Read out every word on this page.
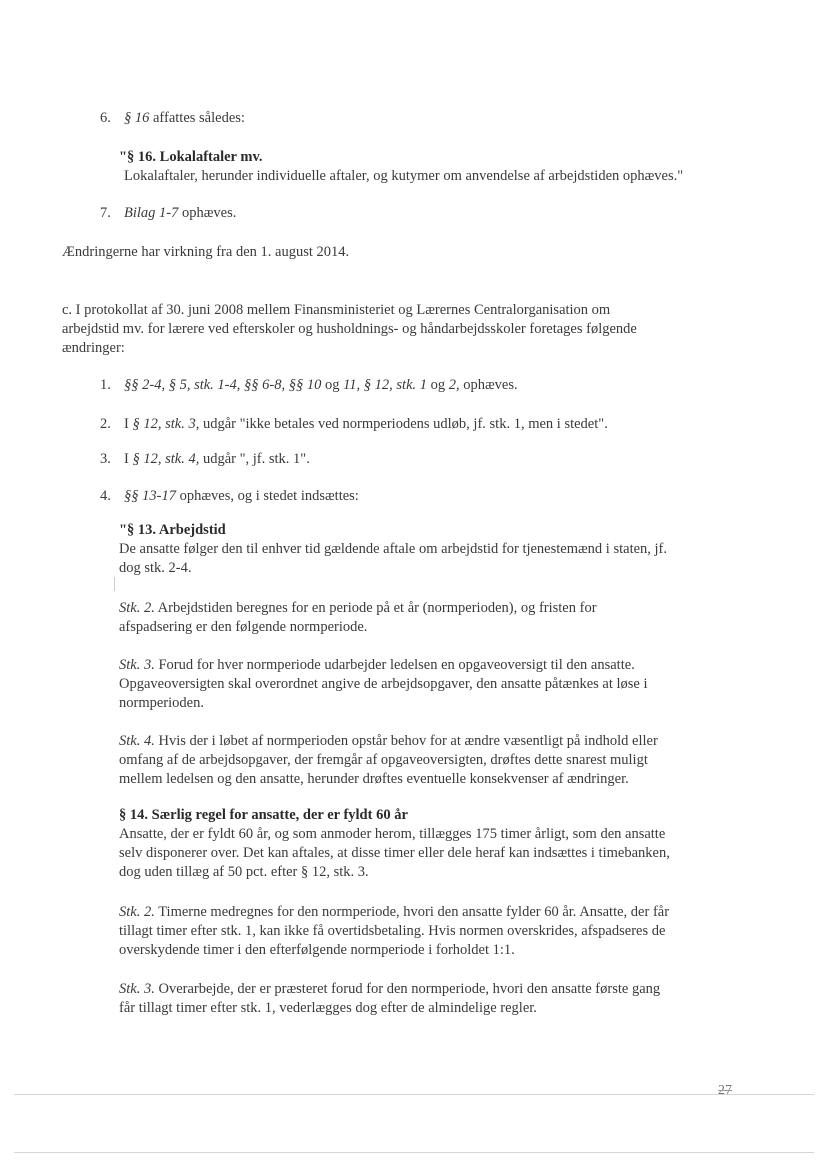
6. § 16 affattes således:
"§ 16. Lokalaftaler mv.
Lokalaftaler, herunder individuelle aftaler, og kutymer om anvendelse af arbejdstiden ophæves."
7. Bilag 1-7 ophæves.
Ændringerne har virkning fra den 1. august 2014.
c. I protokollat af 30. juni 2008 mellem Finansministeriet og Lærernes Centralorganisation om
arbejdstid mv. for lærere ved efterskoler og husholdnings- og håndarbejdsskoler foretages følgende
ændringer:
1. §§ 2-4, § 5, stk. 1-4, §§ 6-8, §§ 10 og 11, § 12, stk. 1 og 2, ophæves.
2. I § 12, stk. 3, udgår "ikke betales ved normperiodens udløb, jf. stk. 1, men i stedet".
3. I § 12, stk. 4, udgår ", jf. stk. 1".
4. §§ 13-17 ophæves, og i stedet indsættes:
"§ 13. Arbejdstid
De ansatte følger den til enhver tid gældende aftale om arbejdstid for tjenestemænd i staten, jf.
dog stk. 2-4.
Stk. 2. Arbejdstiden beregnes for en periode på et år (normperioden), og fristen for
afspadsering er den følgende normperiode.
Stk. 3. Forud for hver normperiode udarbejder ledelsen en opgaveoversigt til den ansatte.
Opgaveoversigten skal overordnet angive de arbejdsopgaver, den ansatte påtænkes at løse i
normperioden.
Stk. 4. Hvis der i løbet af normperioden opstår behov for at ændre væsentligt på indhold eller
omfang af de arbejdsopgaver, der fremgår af opgaveoversigten, drøftes dette snarest muligt
mellem ledelsen og den ansatte, herunder drøftes eventuelle konsekvenser af ændringer.
§ 14. Særlig regel for ansatte, der er fyldt 60 år
Ansatte, der er fyldt 60 år, og som anmoder herom, tillægges 175 timer årligt, som den ansatte
selv disponerer over. Det kan aftales, at disse timer eller dele heraf kan indsættes i timebanken,
dog uden tillæg af 50 pct. efter § 12, stk. 3.
Stk. 2. Timerne medregnes for den normperiode, hvori den ansatte fylder 60 år. Ansatte, der får
tillagt timer efter stk. 1, kan ikke få overtidsbetaling. Hvis normen overskrides, afspadseres de
overskydende timer i den efterfølgende normperiode i forholdet 1:1.
Stk. 3. Overarbejde, der er præsteret forud for den normperiode, hvori den ansatte første gang
får tillagt timer efter stk. 1, vederlægges dog efter de almindelige regler.
27
